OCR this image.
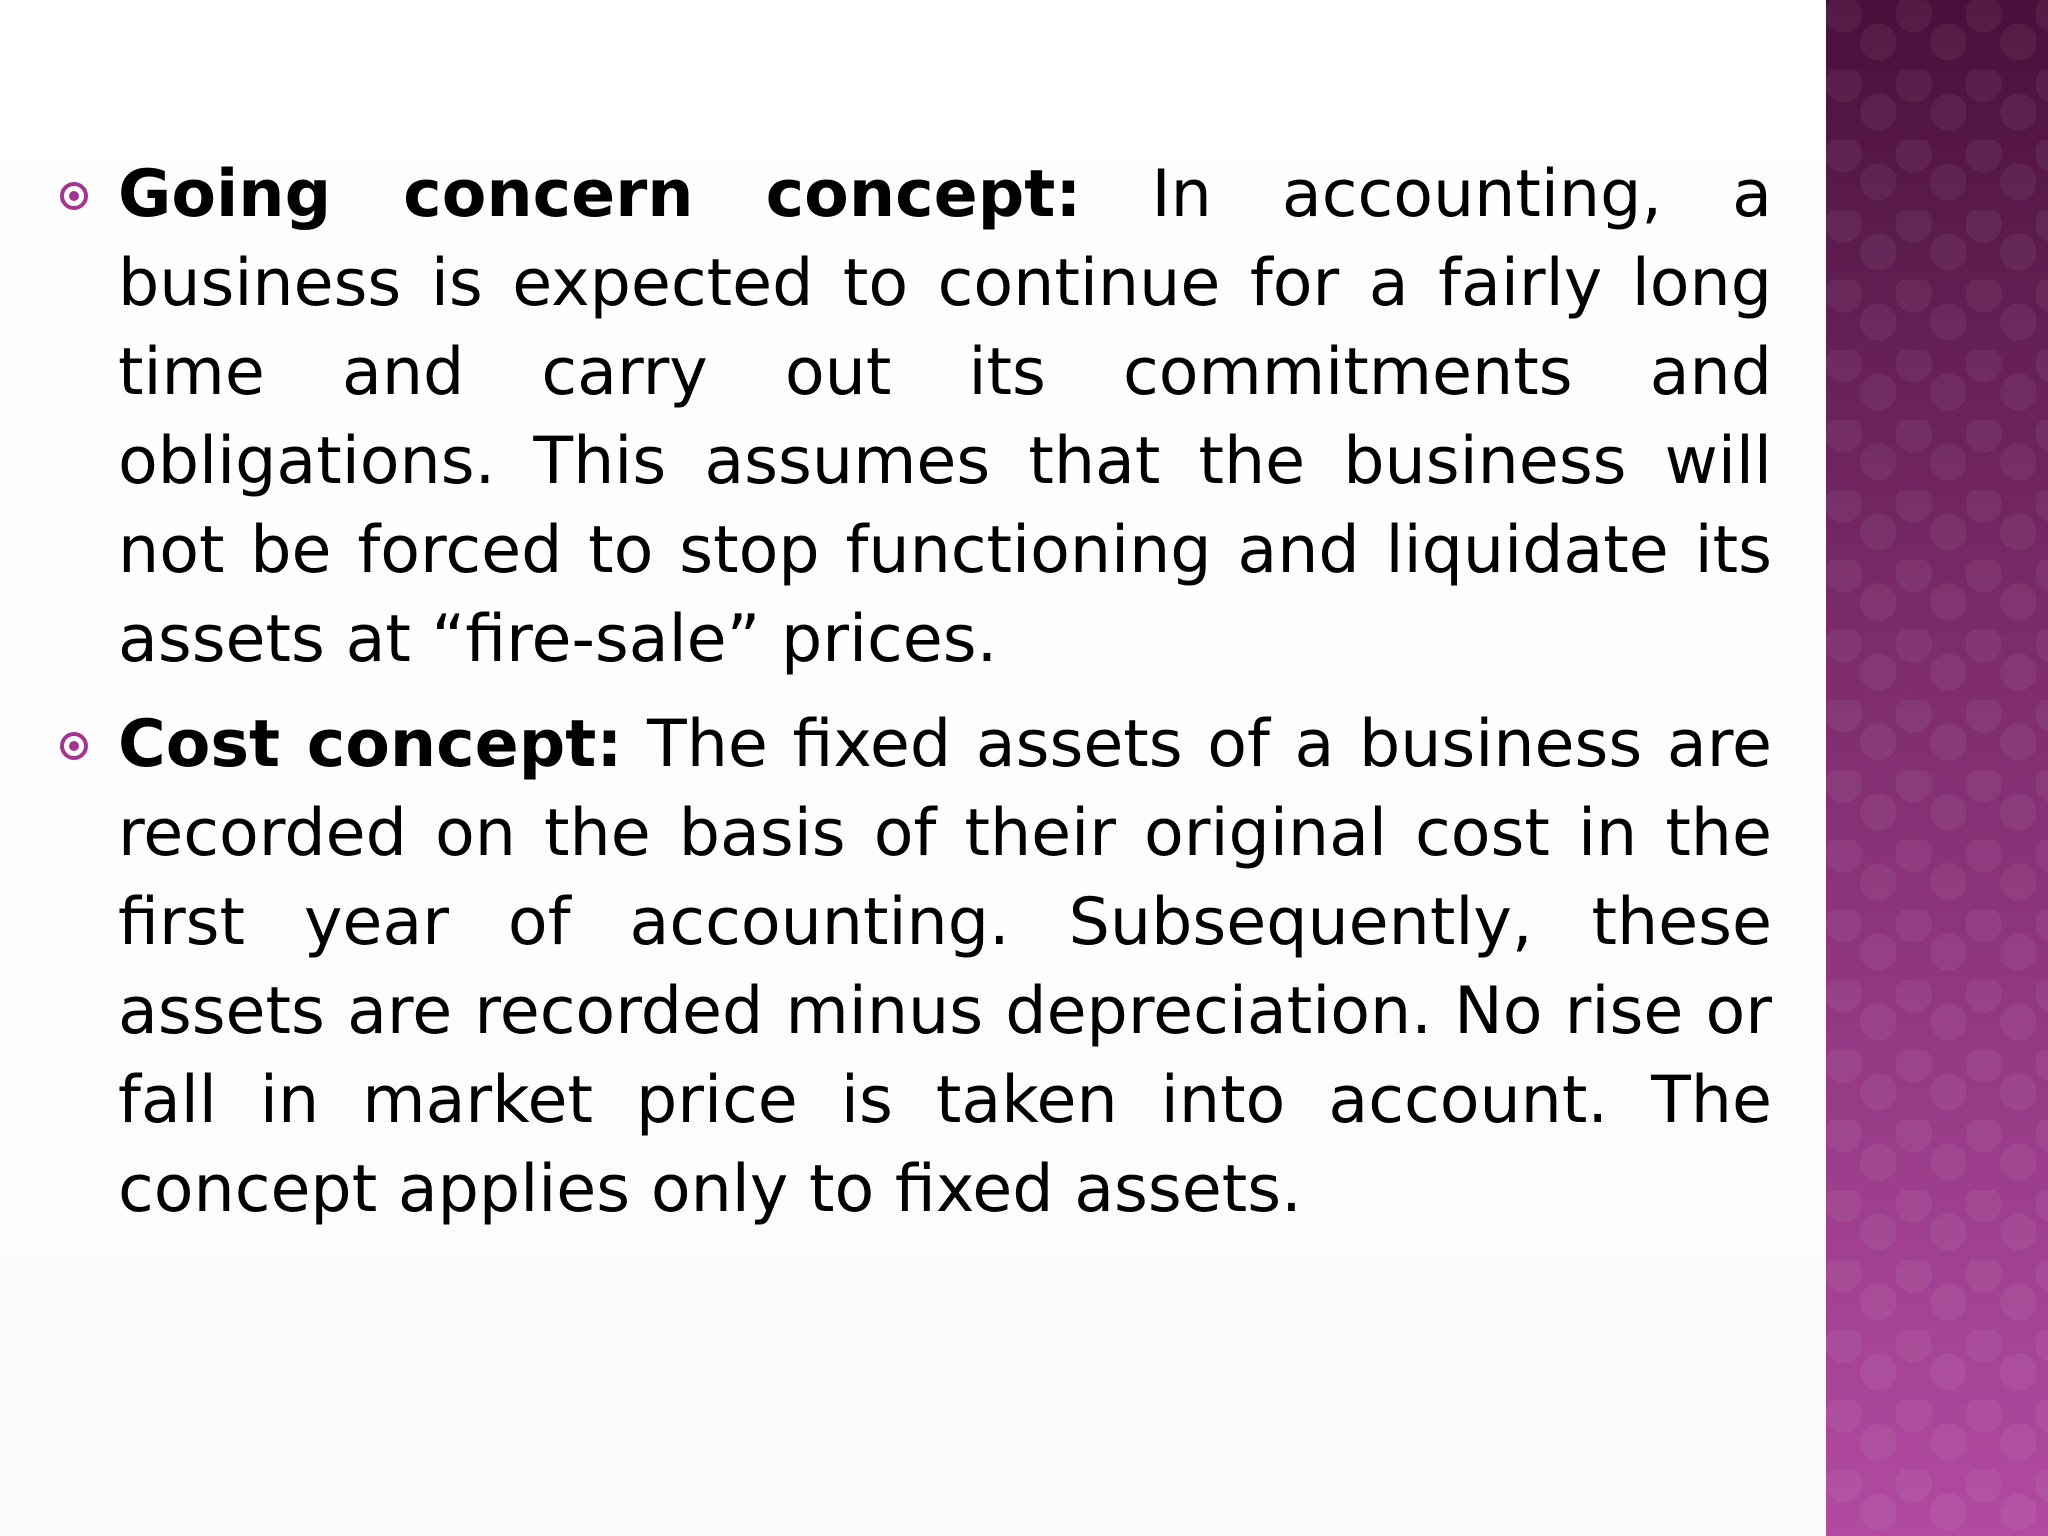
Going concern concept: In accounting, a business is expected to continue for a fairly long time and carry out its commitments and obligations. This assumes that the business will not be forced to stop functioning and liquidate its assets at “fire-sale” prices.

Cost concept: The fixed assets of a business are recorded on the basis of their original cost in the first year of accounting. Subsequently, these assets are recorded minus depreciation. No rise or fall in market price is taken into account. The concept applies only to fixed assets.
